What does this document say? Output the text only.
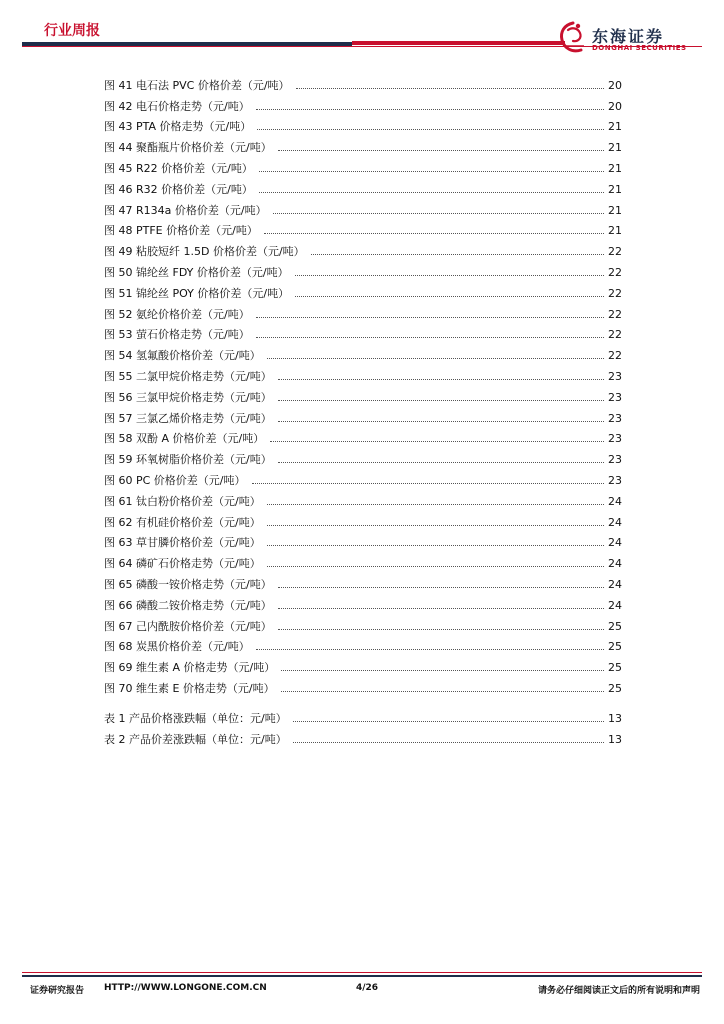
行业周报	东海证券
DONGHAI SECURITIES
图 41 电石法 PVC 价格价差（元/吨）	20
图 42 电石价格走势（元/吨）	20
图 43 PTA 价格走势（元/吨）	21
图 44 聚酯瓶片价格价差（元/吨）	21
图 45 R22 价格价差（元/吨）	21
图 46 R32 价格价差（元/吨）	21
图 47 R134a 价格价差（元/吨）	21
图 48 PTFE 价格价差（元/吨）	21
图 49 粘胶短纤 1.5D 价格价差（元/吨）	22
图 50 锦纶丝 FDY 价格价差（元/吨）	22
图 51 锦纶丝 POY 价格价差（元/吨）	22
图 52 氨纶价格价差（元/吨）	22
图 53 萤石价格走势（元/吨）	22
图 54 氢氟酸价格价差（元/吨）	22
图 55 二氯甲烷价格走势（元/吨）	23
图 56 三氯甲烷价格走势（元/吨）	23
图 57 三氯乙烯价格走势（元/吨）	23
图 58 双酚 A 价格价差（元/吨）	23
图 59 环氧树脂价格价差（元/吨）	23
图 60 PC 价格价差（元/吨）	23
图 61 钛白粉价格价差（元/吨）	24
图 62 有机硅价格价差（元/吨）	24
图 63 草甘膦价格价差（元/吨）	24
图 64 磷矿石价格走势（元/吨）	24
图 65 磷酸一铵价格走势（元/吨）	24
图 66 磷酸二铵价格走势（元/吨）	24
图 67 己内酰胺价格价差（元/吨）	25
图 68 炭黑价格价差（元/吨）	25
图 69 维生素 A 价格走势（元/吨）	25
图 70 维生素 E 价格走势（元/吨）	25
表 1 产品价格涨跌幅（单位：元/吨）	13
表 2 产品价差涨跌幅（单位：元/吨）	13
证券研究报告 HTTP://WWW.LONGONE.COM.CN	4/26	请务必仔细阅读正文后的所有说明和声明
